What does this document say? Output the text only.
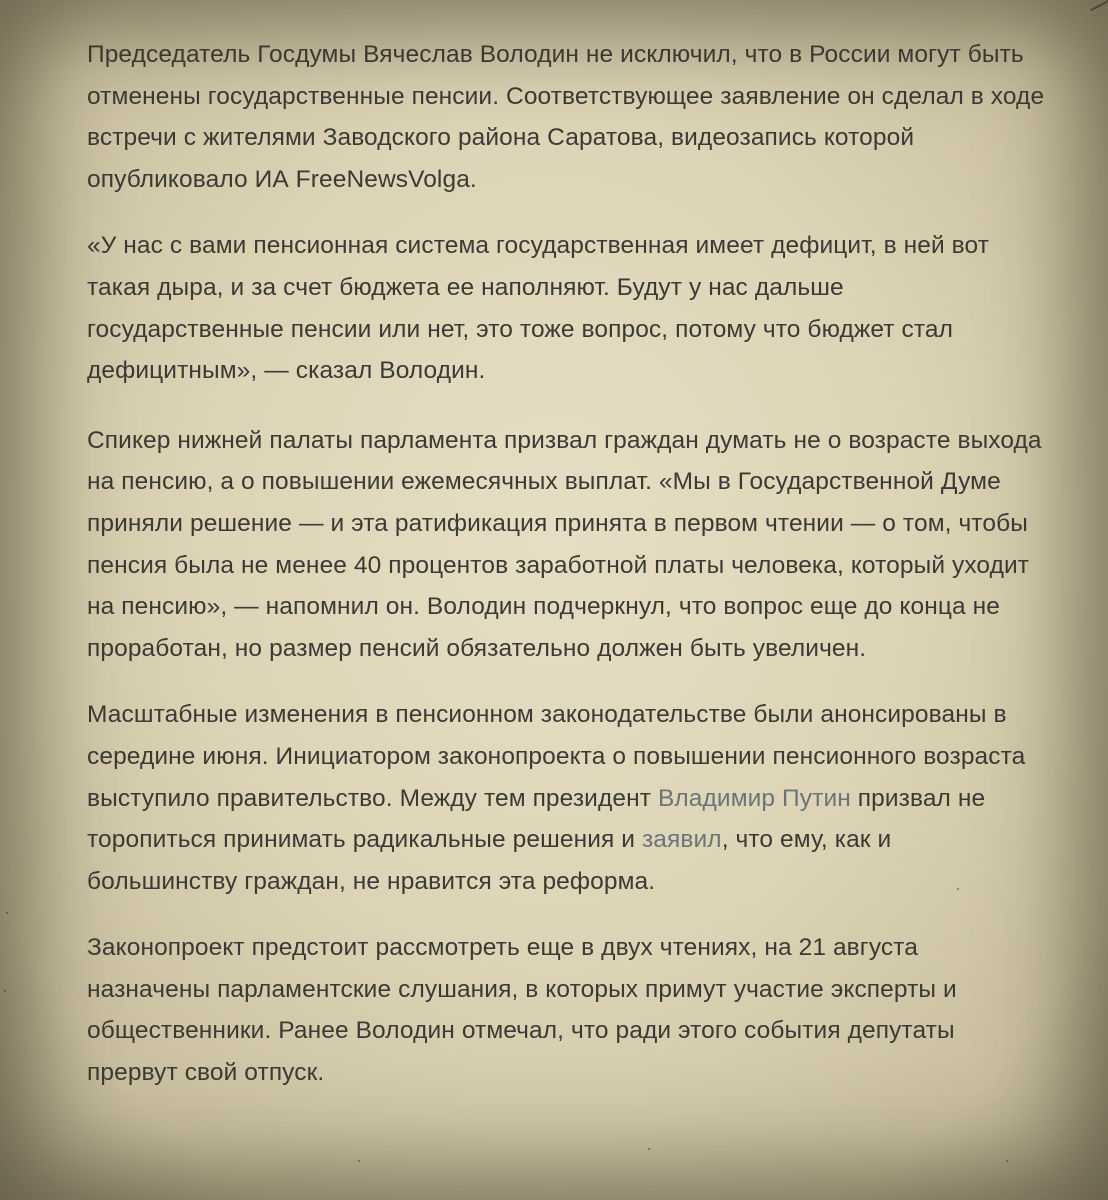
Председатель Госдумы Вячеслав Володин не исключил, что в России могут быть отменены государственные пенсии. Соответствующее заявление он сделал в ходе встречи с жителями Заводского района Саратова, видеозапись которой опубликовало ИА FreeNewsVolga.

«У нас с вами пенсионная система государственная имеет дефицит, в ней вот такая дыра, и за счет бюджета ее наполняют. Будут у нас дальше государственные пенсии или нет, это тоже вопрос, потому что бюджет стал дефицитным», — сказал Володин.

Спикер нижней палаты парламента призвал граждан думать не о возрасте выхода на пенсию, а о повышении ежемесячных выплат. «Мы в Государственной Думе приняли решение — и эта ратификация принята в первом чтении — о том, чтобы пенсия была не менее 40 процентов заработной платы человека, который уходит на пенсию», — напомнил он. Володин подчеркнул, что вопрос еще до конца не проработан, но размер пенсий обязательно должен быть увеличен.

Масштабные изменения в пенсионном законодательстве были анонсированы в середине июня. Инициатором законопроекта о повышении пенсионного возраста выступило правительство. Между тем президент Владимир Путин призвал не торопиться принимать радикальные решения и заявил, что ему, как и большинству граждан, не нравится эта реформа.

Законопроект предстоит рассмотреть еще в двух чтениях, на 21 августа назначены парламентские слушания, в которых примут участие эксперты и общественники. Ранее Володин отмечал, что ради этого события депутаты прервут свой отпуск.
